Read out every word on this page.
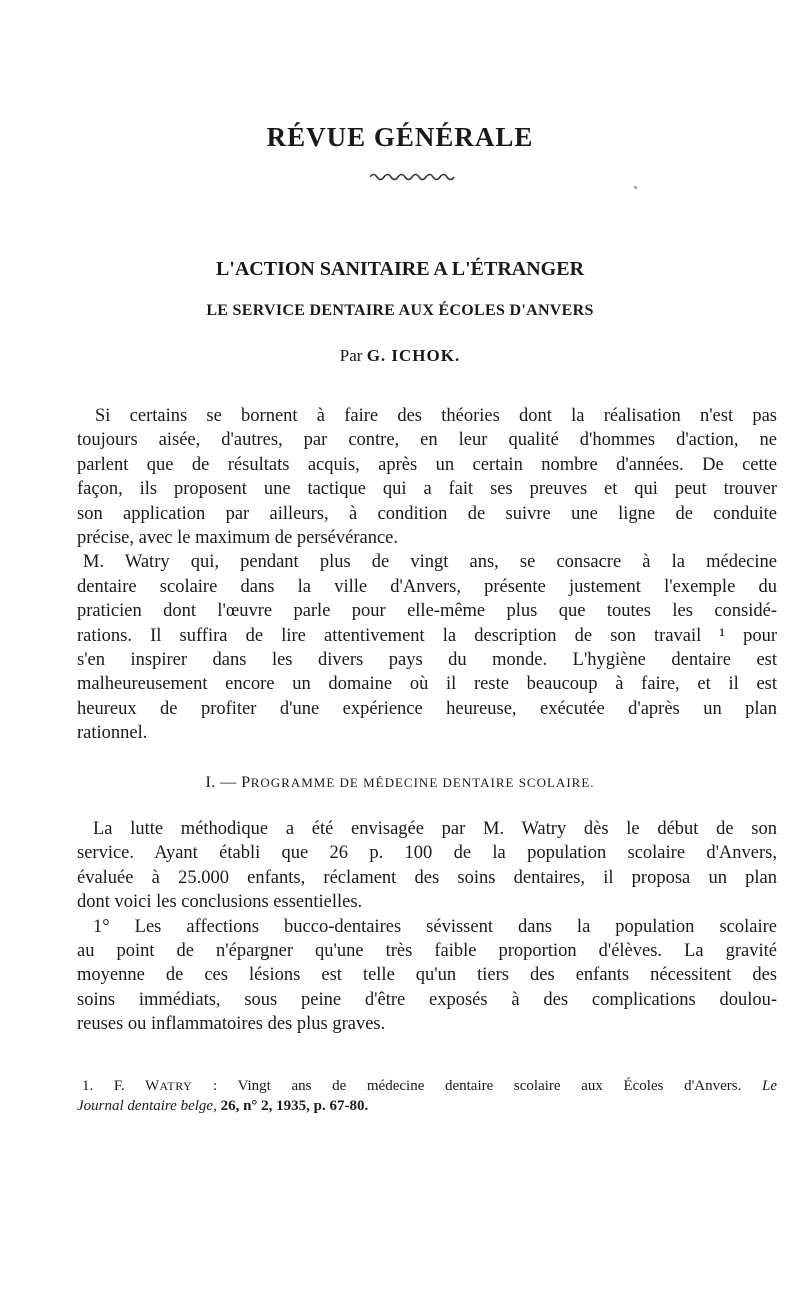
RÉVUE GÉNÉRALE
L'ACTION SANITAIRE A L'ÉTRANGER
LE SERVICE DENTAIRE AUX ÉCOLES D'ANVERS
Par G. ICHOK.

Si certains se bornent à faire des théories dont la réalisation n'est pas

toujours aisée, d'autres, par contre, en leur qualité d'hommes d'action, ne

parlent que de résultats acquis, après un certain nombre d'années. De cette

façon, ils proposent une tactique qui a fait ses preuves et qui peut trouver

son application par ailleurs, à condition de suivre une ligne de conduite

précise, avec le maximum de persévérance.

M. Watry qui, pendant plus de vingt ans, se consacre à la médecine

dentaire scolaire dans la ville d'Anvers, présente justement l'exemple du

praticien dont l'œuvre parle pour elle-même plus que toutes les considé-

rations. Il suffira de lire attentivement la description de son travail ¹ pour

s'en inspirer dans les divers pays du monde. L'hygiène dentaire est

malheureusement encore un domaine où il reste beaucoup à faire, et il est

heureux de profiter d'une expérience heureuse, exécutée d'après un plan

rationnel.

I. — PROGRAMME DE MÉDECINE DENTAIRE SCOLAIRE.

La lutte méthodique a été envisagée par M. Watry dès le début de son

service. Ayant établi que 26 p. 100 de la population scolaire d'Anvers,

évaluée à 25.000 enfants, réclament des soins dentaires, il proposa un plan

dont voici les conclusions essentielles.

1° Les affections bucco-dentaires sévissent dans la population scolaire

au point de n'épargner qu'une très faible proportion d'élèves. La gravité

moyenne de ces lésions est telle qu'un tiers des enfants nécessitent des

soins immédiats, sous peine d'être exposés à des complications doulou-

reuses ou inflammatoires des plus graves.

1. F. WATRY : Vingt ans de médecine dentaire scolaire aux Écoles d'Anvers. Le

Journal dentaire belge, 26, n° 2, 1935, p. 67-80.
